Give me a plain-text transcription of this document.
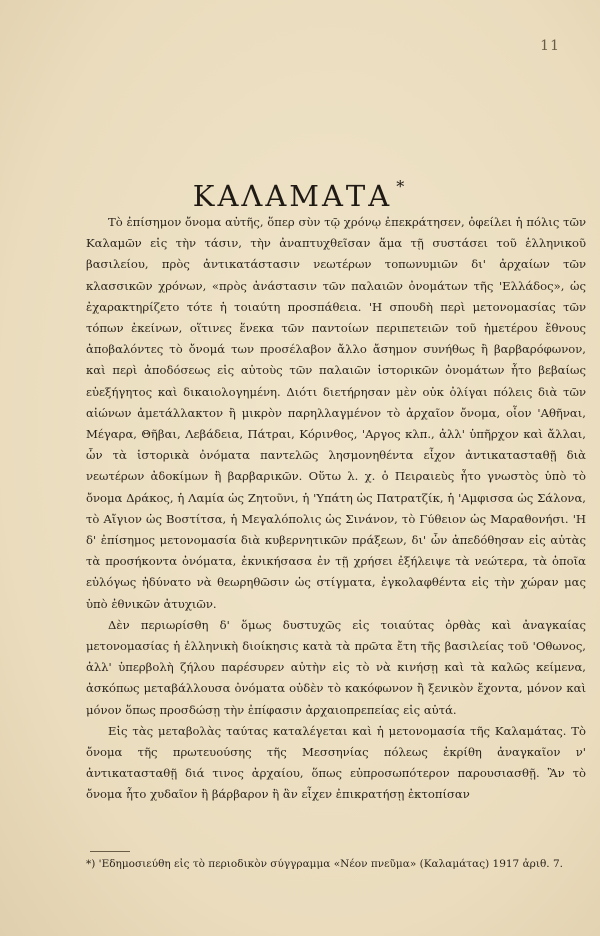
11
ΚΑΛΑΜΑΤΑ *

Τὸ ἐπίσημον ὄνομα αὐτῆς, ὅπερ σὺν τῷ χρόνῳ ἐπεκράτησεν, ὀφείλει ἡ πόλις τῶν Καλαμῶν εἰς τὴν τάσιν, τὴν ἀναπτυχθεῖσαν ἅμα τῇ συστάσει τοῦ ἑλληνικοῦ βασιλείου, πρὸς ἀντικατάστασιν νεωτέρων τοπωνυμιῶν δι' ἀρχαίων τῶν κλασσικῶν χρόνων, «πρὸς ἀνάστασιν τῶν παλαιῶν ὀνομάτων τῆς 'Ελλάδος», ὡς ἐχαρακτηρίζετο τότε ἡ τοιαύτη προσπάθεια. 'Η σπουδὴ περὶ μετονομασίας τῶν τόπων ἐκείνων, οἵτινες ἕνεκα τῶν παντοίων περιπετειῶν τοῦ ἡμετέρου ἔθνους ἀποβαλόντες τὸ ὄνομά των προσέλαβον ἄλλο ἄσημον συνήθως ἢ βαρβαρόφωνον, καὶ περὶ ἀποδόσεως εἰς αὐτοὺς τῶν παλαιῶν ἱστορικῶν ὀνομάτων ἦτο βεβαίως εὐεξήγητος καὶ δικαιολογημένη. Διότι διετήρησαν μὲν οὐκ ὀλίγαι πόλεις διὰ τῶν αἰώνων ἀμετάλλακτον ἢ μικρὸν παρηλλαγμένον τὸ ἀρχαῖον ὄνομα, οἷον 'Αθῆναι, Μέγαρα, Θῆβαι, Λεβάδεια, Πάτραι, Κόρινθος, 'Αργος κλπ., ἀλλ' ὑπῆρχον καὶ ἄλλαι, ὧν τὰ ἱστορικὰ ὀνόματα παντελῶς λησμονηθέντα εἶχον ἀντικατασταθῇ διὰ νεωτέρων ἀδοκίμων ἢ βαρβαρικῶν. Οὕτω λ. χ. ὁ Πειραιεὺς ἦτο γνωστὸς ὑπὸ τὸ ὄνομα Δράκος, ἡ Λαμία ὡς Ζητοῦνι, ἡ 'Υπάτη ὡς Πατρατζίκ, ἡ 'Αμφισσα ὡς Σάλονα, τὸ Αἴγιον ὡς Βοστίτσα, ἡ Μεγαλόπολις ὡς Σινάνον, τὸ Γύθειον ὡς Μαραθονήσι. 'Η δ' ἐπίσημος μετονομασία διὰ κυβερνητικῶν πράξεων, δι' ὧν ἀπεδόθησαν εἰς αὐτὰς τὰ προσήκοντα ὀνόματα, ἐκνικήσασα ἐν τῇ χρήσει ἐξήλειψε τὰ νεώτερα, τὰ ὁποῖα εὐλόγως ἠδύνατο νὰ θεωρηθῶσιν ὡς στίγματα, ἐγκολαφθέντα εἰς τὴν χώραν μας ὑπὸ ἐθνικῶν ἀτυχιῶν.

Δὲν περιωρίσθη δ' ὅμως δυστυχῶς εἰς τοιαύτας ὀρθὰς καὶ ἀναγκαίας μετονομασίας ἡ ἑλληνικὴ διοίκησις κατὰ τὰ πρῶτα ἔτη τῆς βασιλείας τοῦ 'Οθωνος, ἀλλ' ὑπερβολὴ ζήλου παρέσυρεν αὐτὴν εἰς τὸ νὰ κινήσῃ καὶ τὰ καλῶς κείμενα, ἀσκόπως μεταβάλλουσα ὀνόματα οὐδὲν τὸ κακόφωνον ἢ ξενικὸν ἔχοντα, μόνον καὶ μόνον ὅπως προσδώσῃ τὴν ἐπίφασιν ἀρχαιοπρεπείας εἰς αὐτά.

Εἰς τὰς μεταβολὰς ταύτας καταλέγεται καὶ ἡ μετονομασία τῆς Καλαμάτας. Τὸ ὄνομα τῆς πρωτευούσης τῆς Μεσσηνίας πόλεως ἐκρίθη ἀναγκαῖον ν' ἀντικατασταθῇ διά τινος ἀρχαίου, ὅπως εὐπροσωπότερον παρουσιασθῇ. Ἂν τὸ ὄνομα ἦτο χυδαῖον ἢ βάρβαρον ἢ ἂν εἶχεν ἐπικρατήσῃ ἐκτοπίσαν

*) 'Εδημοσιεύθη εἰς τὸ περιοδικὸν σύγγραμμα «Νέον πνεῦμα» (Καλαμάτας) 1917 ἀριθ. 7.
